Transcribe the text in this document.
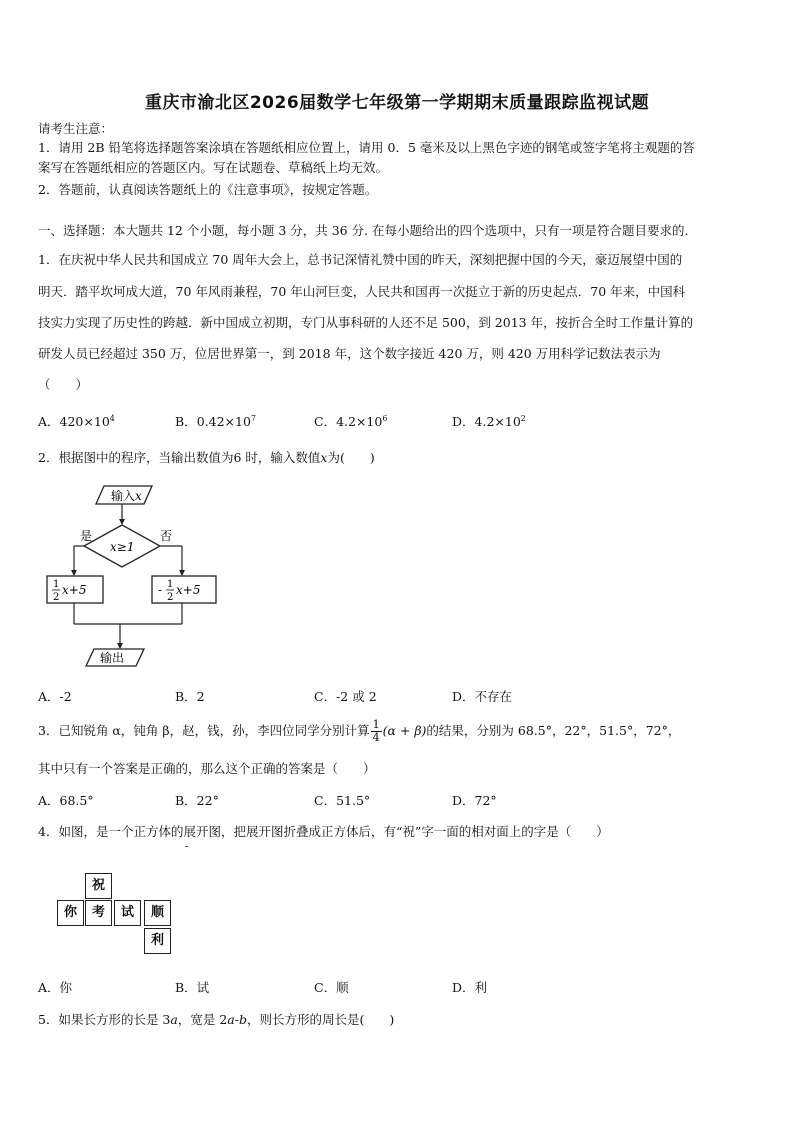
重庆市渝北区2026届数学七年级第一学期期末质量跟踪监视试题
请考生注意：
1．请用 2B 铅笔将选择题答案涂填在答题纸相应位置上，请用 0．5 毫米及以上黑色字迹的钢笔或签字笔将主观题的答
案写在答题纸相应的答题区内。写在试题卷、草稿纸上均无效。
2．答题前，认真阅读答题纸上的《注意事项》，按规定答题。
一、选择题：本大题共 12 个小题，每小题 3 分，共 36 分. 在每小题给出的四个选项中，只有一项是符合题目要求的.
1．在庆祝中华人民共和国成立 70 周年大会上，总书记深情礼赞中国的昨天，深刻把握中国的今天，豪迈展望中国的
明天．踏平坎坷成大道，70 年风雨兼程，70 年山河巨变，人民共和国再一次挺立于新的历史起点．70 年来，中国科
技实力实现了历史性的跨越．新中国成立初期，专门从事科研的人还不足 500，到 2013 年，按折合全时工作量计算的
研发人员已经超过 350 万，位居世界第一，到 2018 年，这个数字接近 420 万，则 420 万用科学记数法表示为
（　　）
A．$420\times 10^4$	B．$0.42\times 10^7$	C．$4.2\times 10^6$	D．$4.2\times 10^2$
2．根据图中的程序，当输出数值为6 时，输入数值x为(　　)
输入x
x≥1
是	否
1
2
x+5	- 1
2
x+5
输出
A．-2	B．2	C．-2 或 2	D．不存在
3．已知锐角 α，钝角 β，赵，钱，孙，李四位同学分别计算 $\frac{1}{4} (\alpha + \beta)$的结果，分别为 68.5°，22°，51.5°，72°，
其中只有一个答案是正确的，那么这个正确的答案是（　　）
A．68.5°	B．22°	C．51.5°	D．72°
4．如图，是一个正方体的展开图，把展开图折叠成正方体后，有“祝”字一面的相对面上的字是（　　）
祝
你	考	试	顺
利
A．你	B．试	C．顺	D．利
5．如果长方形的长是 3a，宽是 2a-b，则长方形的周长是(　　)
